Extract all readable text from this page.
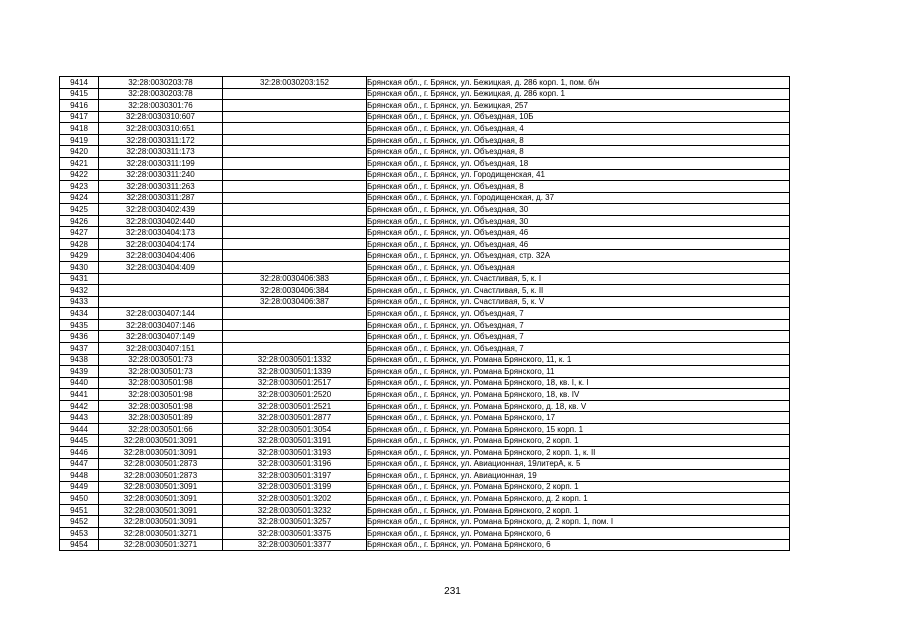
9414	32:28:0030203:78	32:28:0030203:152	Брянская обл., г. Брянск, ул. Бежицкая, д. 286 корп. 1, пом. б/н
9415	32:28:0030203:78		Брянская обл., г. Брянск, ул. Бежицкая, д. 286 корп. 1
9416	32:28:0030301:76		Брянская обл., г. Брянск, ул. Бежицкая, 257
9417	32:28:0030310:607		Брянская обл., г. Брянск, ул. Объездная, 10Б
9418	32:28:0030310:651		Брянская обл., г. Брянск, ул. Объездная, 4
9419	32:28:0030311:172		Брянская обл., г. Брянск, ул. Объездная, 8
9420	32:28:0030311:173		Брянская обл., г. Брянск, ул. Объездная, 8
9421	32:28:0030311:199		Брянская обл., г. Брянск, ул. Объездная, 18
9422	32:28:0030311:240		Брянская обл., г. Брянск, ул. Городищенская, 41
9423	32:28:0030311:263		Брянская обл., г. Брянск, ул. Объездная, 8
9424	32:28:0030311:287		Брянская обл., г. Брянск, ул. Городищенская, д. 37
9425	32:28:0030402:439		Брянская обл., г. Брянск, ул. Объездная, 30
9426	32:28:0030402:440		Брянская обл., г. Брянск, ул. Объездная, 30
9427	32:28:0030404:173		Брянская обл., г. Брянск, ул. Объездная, 46
9428	32:28:0030404:174		Брянская обл., г. Брянск, ул. Объездная, 46
9429	32:28:0030404:406		Брянская обл., г. Брянск, ул. Объездная, стр. 32А
9430	32:28:0030404:409		Брянская обл., г. Брянск, ул. Объездная
9431		32:28:0030406:383	Брянская обл., г. Брянск, ул. Счастливая, 5, к. I
9432		32:28:0030406:384	Брянская обл., г. Брянск, ул. Счастливая, 5, к. II
9433		32:28:0030406:387	Брянская обл., г. Брянск, ул. Счастливая, 5, к. V
9434	32:28:0030407:144		Брянская обл., г. Брянск, ул. Объездная, 7
9435	32:28:0030407:146		Брянская обл., г. Брянск, ул. Объездная, 7
9436	32:28:0030407:149		Брянская обл., г. Брянск, ул. Объездная, 7
9437	32:28:0030407:151		Брянская обл., г. Брянск, ул. Объездная, 7
9438	32:28:0030501:73	32:28:0030501:1332	Брянская обл., г. Брянск, ул. Романа Брянского, 11, к. 1
9439	32:28:0030501:73	32:28:0030501:1339	Брянская обл., г. Брянск, ул. Романа Брянского, 11
9440	32:28:0030501:98	32:28:0030501:2517	Брянская обл., г. Брянск, ул. Романа Брянского, 18, кв. I, к. I
9441	32:28:0030501:98	32:28:0030501:2520	Брянская обл., г. Брянск, ул. Романа Брянского, 18, кв. IV
9442	32:28:0030501:98	32:28:0030501:2521	Брянская обл., г. Брянск, ул. Романа Брянского, д. 18, кв. V
9443	32:28:0030501:89	32:28:0030501:2877	Брянская обл., г. Брянск, ул. Романа Брянского, 17
9444	32:28:0030501:66	32:28:0030501:3054	Брянская обл., г. Брянск, ул. Романа Брянского, 15 корп. 1
9445	32:28:0030501:3091	32:28:0030501:3191	Брянская обл., г. Брянск, ул. Романа Брянского, 2 корп. 1
9446	32:28:0030501:3091	32:28:0030501:3193	Брянская обл., г. Брянск, ул. Романа Брянского, 2 корп. 1, к. II
9447	32:28:0030501:2873	32:28:0030501:3196	Брянская обл., г. Брянск, ул. Авиационная, 19литерA, к. 5
9448	32:28:0030501:2873	32:28:0030501:3197	Брянская обл., г. Брянск, ул. Авиационная, 19
9449	32:28:0030501:3091	32:28:0030501:3199	Брянская обл., г. Брянск, ул. Романа Брянского, 2 корп. 1
9450	32:28:0030501:3091	32:28:0030501:3202	Брянская обл., г. Брянск, ул. Романа Брянского, д. 2 корп. 1
9451	32:28:0030501:3091	32:28:0030501:3232	Брянская обл., г. Брянск, ул. Романа Брянского, 2 корп. 1
9452	32:28:0030501:3091	32:28:0030501:3257	Брянская обл., г. Брянск, ул. Романа Брянского, д. 2 корп. 1, пом. I
9453	32:28:0030501:3271	32:28:0030501:3375	Брянская обл., г. Брянск, ул. Романа Брянского, 6
9454	32:28:0030501:3271	32:28:0030501:3377	Брянская обл., г. Брянск, ул. Романа Брянского, 6
231
